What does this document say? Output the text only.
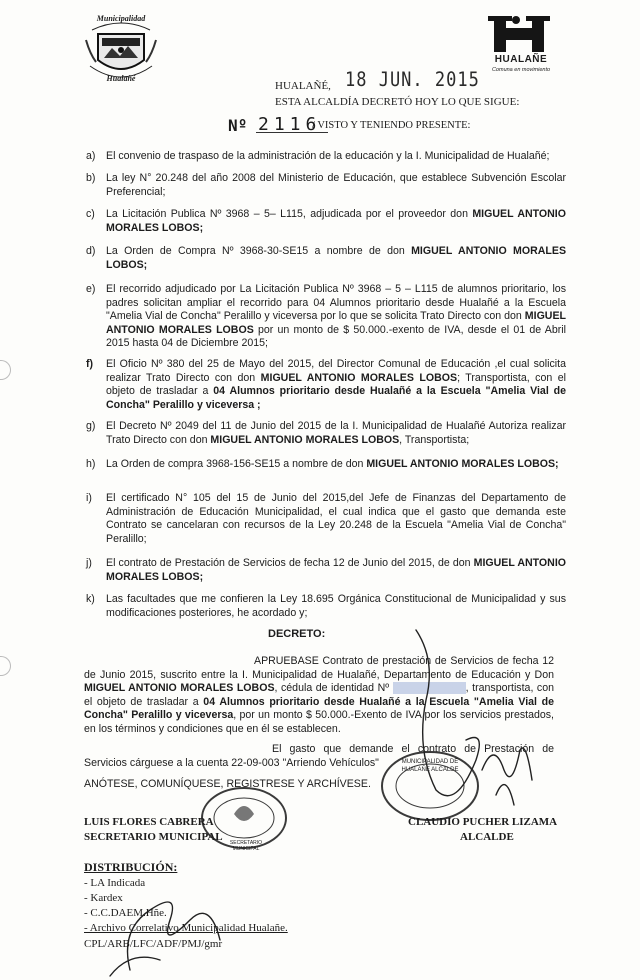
Municipalidad
Hualañé
HUALAÑE
Comuna en movimiento
HUALAÑÉ, 18 JUN. 2015
ESTA ALCALDÍA DECRETÓ HOY LO QUE SIGUE:
Nº 2116
/ VISTO Y TENIENDO PRESENTE:
a) El convenio de traspaso de la administración de la educación y la I. Municipalidad de Hualañé;
b) La ley N° 20.248 del año 2008 del Ministerio de Educación, que establece Subvención Escolar Preferencial;
c)	La Licitación Publica Nº 3968 – 5– L115, adjudicada por el proveedor don MIGUEL ANTONIO MORALES LOBOS;
d) La Orden de Compra Nº 3968-30-SE15 a nombre de don MIGUEL ANTONIO MORALES LOBOS;
e) El recorrido adjudicado por La Licitación Publica Nº 3968 – 5 – L115 de alumnos prioritario, los padres solicitan ampliar el recorrido para 04 Alumnos prioritario desde Hualañé a la Escuela "Amelia Vial de Concha" Peralillo y viceversa por lo que se solicita Trato Directo con don MIGUEL ANTONIO MORALES LOBOS por un monto de $ 50.000.-exento de IVA, desde el 01 de Abril 2015 hasta 04 de Diciembre 2015;
f)	El Oficio Nº 380 del 25 de Mayo del 2015, del Director Comunal de Educación ,el cual solicita realizar Trato Directo con don MIGUEL ANTONIO MORALES LOBOS; Transportista, con el objeto de trasladar a 04 Alumnos prioritario desde Hualañé a la Escuela "Amelia Vial de Concha" Peralillo y viceversa ;
g) El Decreto Nº 2049 del 11 de Junio del 2015 de la I. Municipalidad de Hualañé Autoriza realizar Trato Directo con don MIGUEL ANTONIO MORALES LOBOS, Transportista;
h) La Orden de compra 3968-156-SE15 a nombre de don MIGUEL ANTONIO MORALES LOBOS;
i)	El certificado N° 105 del 15 de Junio del 2015,del Jefe de Finanzas del Departamento de Administración de Educación Municipalidad, el cual indica que el gasto que demanda este Contrato se cancelaran con recursos de la Ley 20.248 de la Escuela "Amelia Vial de Concha" Peralillo;
j)	El contrato de Prestación de Servicios de fecha 12 de Junio del 2015, de don MIGUEL ANTONIO MORALES LOBOS;
k)	Las facultades que me confieren la Ley 18.695 Orgánica Constitucional de Municipalidad y sus modificaciones posteriores, he acordado y;
DECRETO:
APRUEBASE Contrato de prestación de Servicios de fecha 12 de Junio 2015, suscrito entre la I. Municipalidad de Hualañé, Departamento de Educación y Don MIGUEL ANTONIO MORALES LOBOS, cédula de identidad Nº XX.XXX.XXX-X, transportista, con el objeto de trasladar a 04 Alumnos prioritario desde Hualañé a la Escuela "Amelia Vial de Concha" Peralillo y viceversa, por un monto $ 50.000.-Exento de IVA por los servicios prestados, en los términos y condiciones que en él se establecen.
El gasto que demande el contrato de Prestación de Servicios cárguese a la cuenta 22-09-003 "Arriendo Vehículos"
ANÓTESE, COMUNÍQUESE, REGISTRESE Y ARCHÍVESE.
SECRETARIO MUNICIPAL
MUNICIPALIDAD DE HUALAÑE ALCALDE
LUIS FLORES CABRERA
SECRETARIO MUNICIPAL
CLAUDIO PUCHER LIZAMA
ALCALDE
DISTRIBUCIÓN:
- LA Indicada
- Kardex
- C.C.DAEM.Hñe.
- Archivo Correlativo Municipalidad Hualañe.
CPL/ARB/LFC/ADF/PMJ/gmr
